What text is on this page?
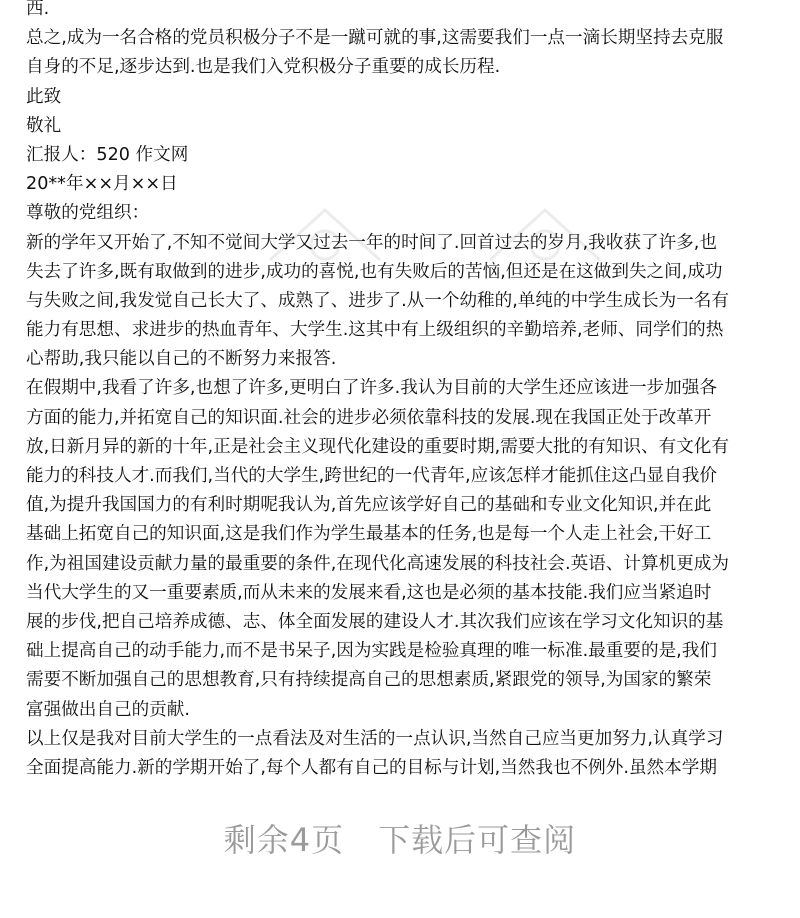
西.
总之,成为一名合格的党员积极分子不是一蹴可就的事,这需要我们一点一滴长期坚持去克服
自身的不足,逐步达到.也是我们入党积极分子重要的成长历程.
此致
敬礼
汇报人：520 作文网
20**年××月××日
尊敬的党组织：
新的学年又开始了,不知不觉间大学又过去一年的时间了.回首过去的岁月,我收获了许多,也
失去了许多,既有取做到的进步,成功的喜悦,也有失败后的苦恼,但还是在这做到失之间,成功
与失败之间,我发觉自己长大了、成熟了、进步了.从一个幼稚的,单纯的中学生成长为一名有
能力有思想、求进步的热血青年、大学生.这其中有上级组织的辛勤培养,老师、同学们的热
心帮助,我只能以自己的不断努力来报答.
在假期中,我看了许多,也想了许多,更明白了许多.我认为目前的大学生还应该进一步加强各
方面的能力,并拓宽自己的知识面.社会的进步必须依靠科技的发展.现在我国正处于改革开
放,日新月异的新的十年,正是社会主义现代化建设的重要时期,需要大批的有知识、有文化有
能力的科技人才.而我们,当代的大学生,跨世纪的一代青年,应该怎样才能抓住这凸显自我价
值,为提升我国国力的有利时期呢我认为,首先应该学好自己的基础和专业文化知识,并在此
基础上拓宽自己的知识面,这是我们作为学生最基本的任务,也是每一个人走上社会,干好工
作,为祖国建设贡献力量的最重要的条件,在现代化高速发展的科技社会.英语、计算机更成为
当代大学生的又一重要素质,而从未来的发展来看,这也是必须的基本技能.我们应当紧追时
展的步伐,把自己培养成德、志、体全面发展的建设人才.其次我们应该在学习文化知识的基
础上提高自己的动手能力,而不是书呆子,因为实践是检验真理的唯一标准.最重要的是,我们
需要不断加强自己的思想教育,只有持续提高自己的思想素质,紧跟党的领导,为国家的繁荣
富强做出自己的贡献.
以上仅是我对目前大学生的一点看法及对生活的一点认识,当然自己应当更加努力,认真学习
全面提高能力.新的学期开始了,每个人都有自己的目标与计划,当然我也不例外.虽然本学期
剩余4页 下载后可查阅
